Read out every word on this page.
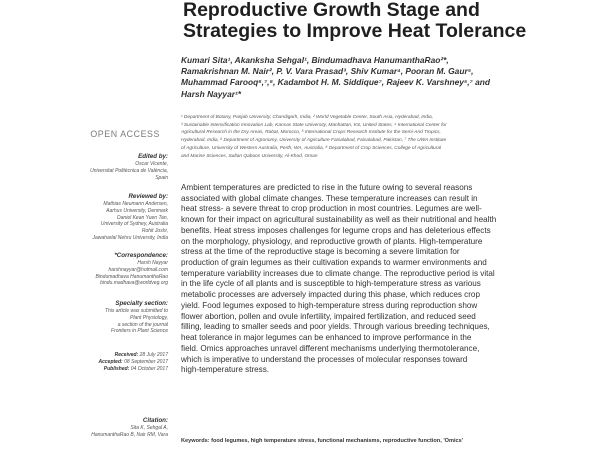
Reproductive Growth Stage and
Strategies to Improve Heat Tolerance
Kumari Sita¹, Akanksha Sehgal¹, Bindumadhava HanumanthaRao²*,
Ramakrishnan M. Nair², P. V. Vara Prasad³, Shiv Kumar⁴, Pooran M. Gaur⁵,
Muhammad Farooq⁶,⁷,⁸, Kadambot H. M. Siddique⁷, Rajeev K. Varshney⁵,⁷ and
Harsh Nayyar¹*
¹ Department of Botany, Panjab University, Chandigarh, India, ² World Vegetable Center, South Asia, Hyderabad, India,
³ Sustainable Intensification Innovation Lab, Kansas State University, Manhattan, KS, United States, ⁴ International Center for
Agricultural Research in the Dry Areas, Rabat, Morocco, ⁵ International Crops Research Institute for the Semi-Arid Tropics,
Hyderabad, India, ⁶ Department of Agronomy, University of Agriculture Faisalabad, Faisalabad, Pakistan, ⁷ The UWA Institute
of Agriculture, University of Western Australia, Perth, WA, Australia, ⁸ Department of Crop Sciences, College of Agricultural
and Marine Sciences, Sultan Qaboos University, Al-Khod, Oman
OPEN ACCESS
Edited by:
Oscar Vicente,
Universitat Politècnica de València,
Spain
Reviewed by:
Mathias Neumann Andersen,
Aarhus University, Denmark
Daniel Kean Yuen Tan,
University of Sydney, Australia
Rohit Joshi,
Jawaharlal Nehru University, India
*Correspondence:
Harsh Nayyar
harshnayyar@hotmail.com
Bindumadhava HanumanthaRao
bindu.madhava@worldveg.org
Specialty section:
This article was submitted to
Plant Physiology,
a section of the journal
Frontiers in Plant Science
Received: 28 July 2017
Accepted: 08 September 2017
Published: 04 October 2017
Citation:
Sita K, Sehgal A,
HanumanthaRao B, Nair RM, Vara
Ambient temperatures are predicted to rise in the future owing to several reasons
associated with global climate changes. These temperature increases can result in
heat stress- a severe threat to crop production in most countries. Legumes are well-
known for their impact on agricultural sustainability as well as their nutritional and health
benefits. Heat stress imposes challenges for legume crops and has deleterious effects
on the morphology, physiology, and reproductive growth of plants. High-temperature
stress at the time of the reproductive stage is becoming a severe limitation for
production of grain legumes as their cultivation expands to warmer environments and
temperature variability increases due to climate change. The reproductive period is vital
in the life cycle of all plants and is susceptible to high-temperature stress as various
metabolic processes are adversely impacted during this phase, which reduces crop
yield. Food legumes exposed to high-temperature stress during reproduction show
flower abortion, pollen and ovule infertility, impaired fertilization, and reduced seed
filling, leading to smaller seeds and poor yields. Through various breeding techniques,
heat tolerance in major legumes can be enhanced to improve performance in the
field. Omics approaches unravel different mechanisms underlying thermotolerance,
which is imperative to understand the processes of molecular responses toward
high-temperature stress.
Keywords: food legumes, high temperature stress, functional mechanisms, reproductive function, 'Omics'
